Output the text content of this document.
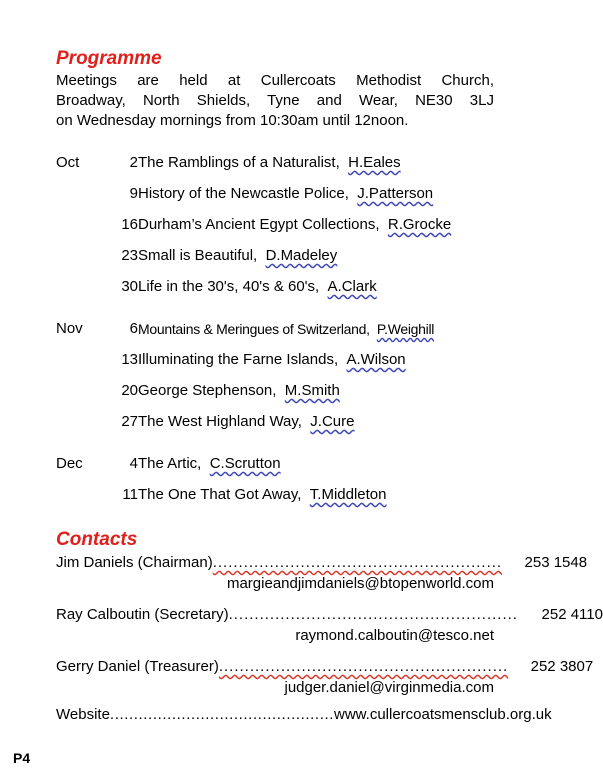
Programme
Meetings are held at Cullercoats Methodist Church,
Broadway, North Shields, Tyne and Wear, NE30 3LJ
on Wednesday mornings from 10:30am until 12noon.
Oct	2 The Ramblings of a Naturalist, H.Eales
9 History of the Newcastle Police, J.Patterson
16 Durham’s Ancient Egypt Collections, R.Grocke
23 Small is Beautiful, D.Madeley
30 Life in the 30's, 40's & 60's, A.Clark
Nov	6 Mountains & Meringues of Switzerland, P.Weighill
13 Illuminating the Farne Islands, A.Wilson
20 George Stephenson, M.Smith
27 The West Highland Way, J.Cure
Dec	4 The Artic, C.Scrutton
11 The One That Got Away, T.Middleton
Contacts
Jim Daniels (Chairman) ........................................................	253 1548
margieandjimdaniels@btopenworld.com
Ray Calboutin (Secretary) ........................................................	252 4110
raymond.calboutin@tesco.net
Gerry Daniel (Treasurer) ........................................................	252 3807
judger.daniel@virginmedia.com
Website ............................................... www.cullercoatsmensclub.org.uk
P4
